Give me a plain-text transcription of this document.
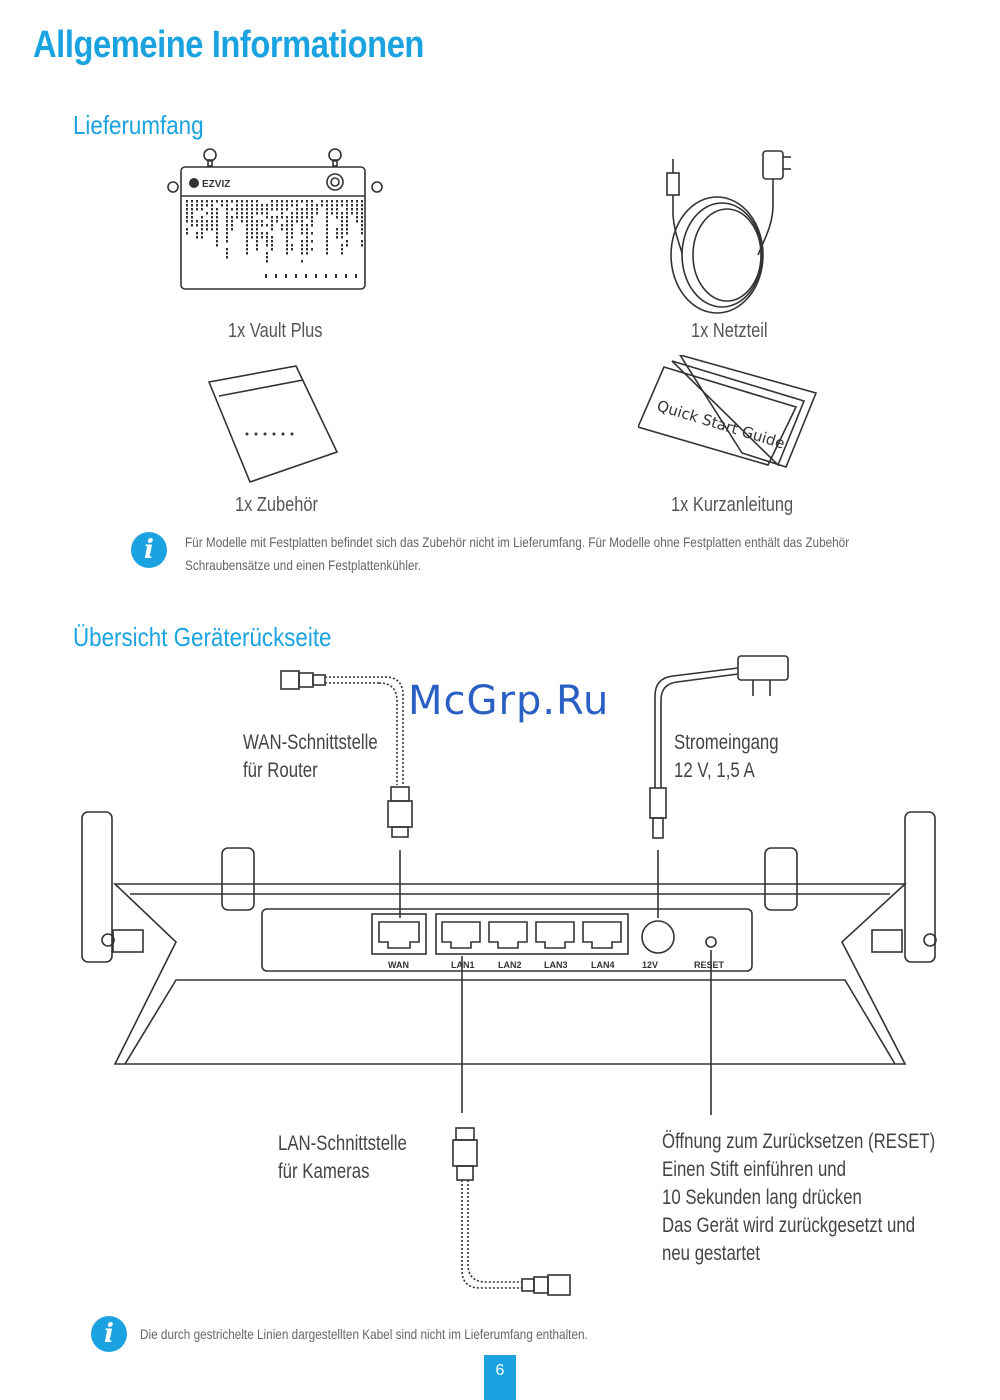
Allgemeine Informationen
Lieferumfang
EZVIZ
1x Vault Plus	1x Netzteil
Quick Start Guide
1x Zubehör	1x Kurzanleitung
i	Für Modelle mit Festplatten befindet sich das Zubehör nicht im Lieferumfang. Für Modelle ohne Festplatten enthält das Zubehör Schraubensätze und einen Festplattenkühler.
Übersicht Geräterückseite
McGrp.Ru
WAN	LAN1	LAN2 LAN3	LAN4	12V	RESET
WAN-Schnittstelle
für Router
Stromeingang
12 V, 1,5 A
LAN-Schnittstelle
für Kameras
Öffnung zum Zurücksetzen (RESET)
Einen Stift einführen und
10 Sekunden lang drücken
Das Gerät wird zurückgesetzt und
neu gestartet
i	Die durch gestrichelte Linien dargestellten Kabel sind nicht im Lieferumfang enthalten.
6
